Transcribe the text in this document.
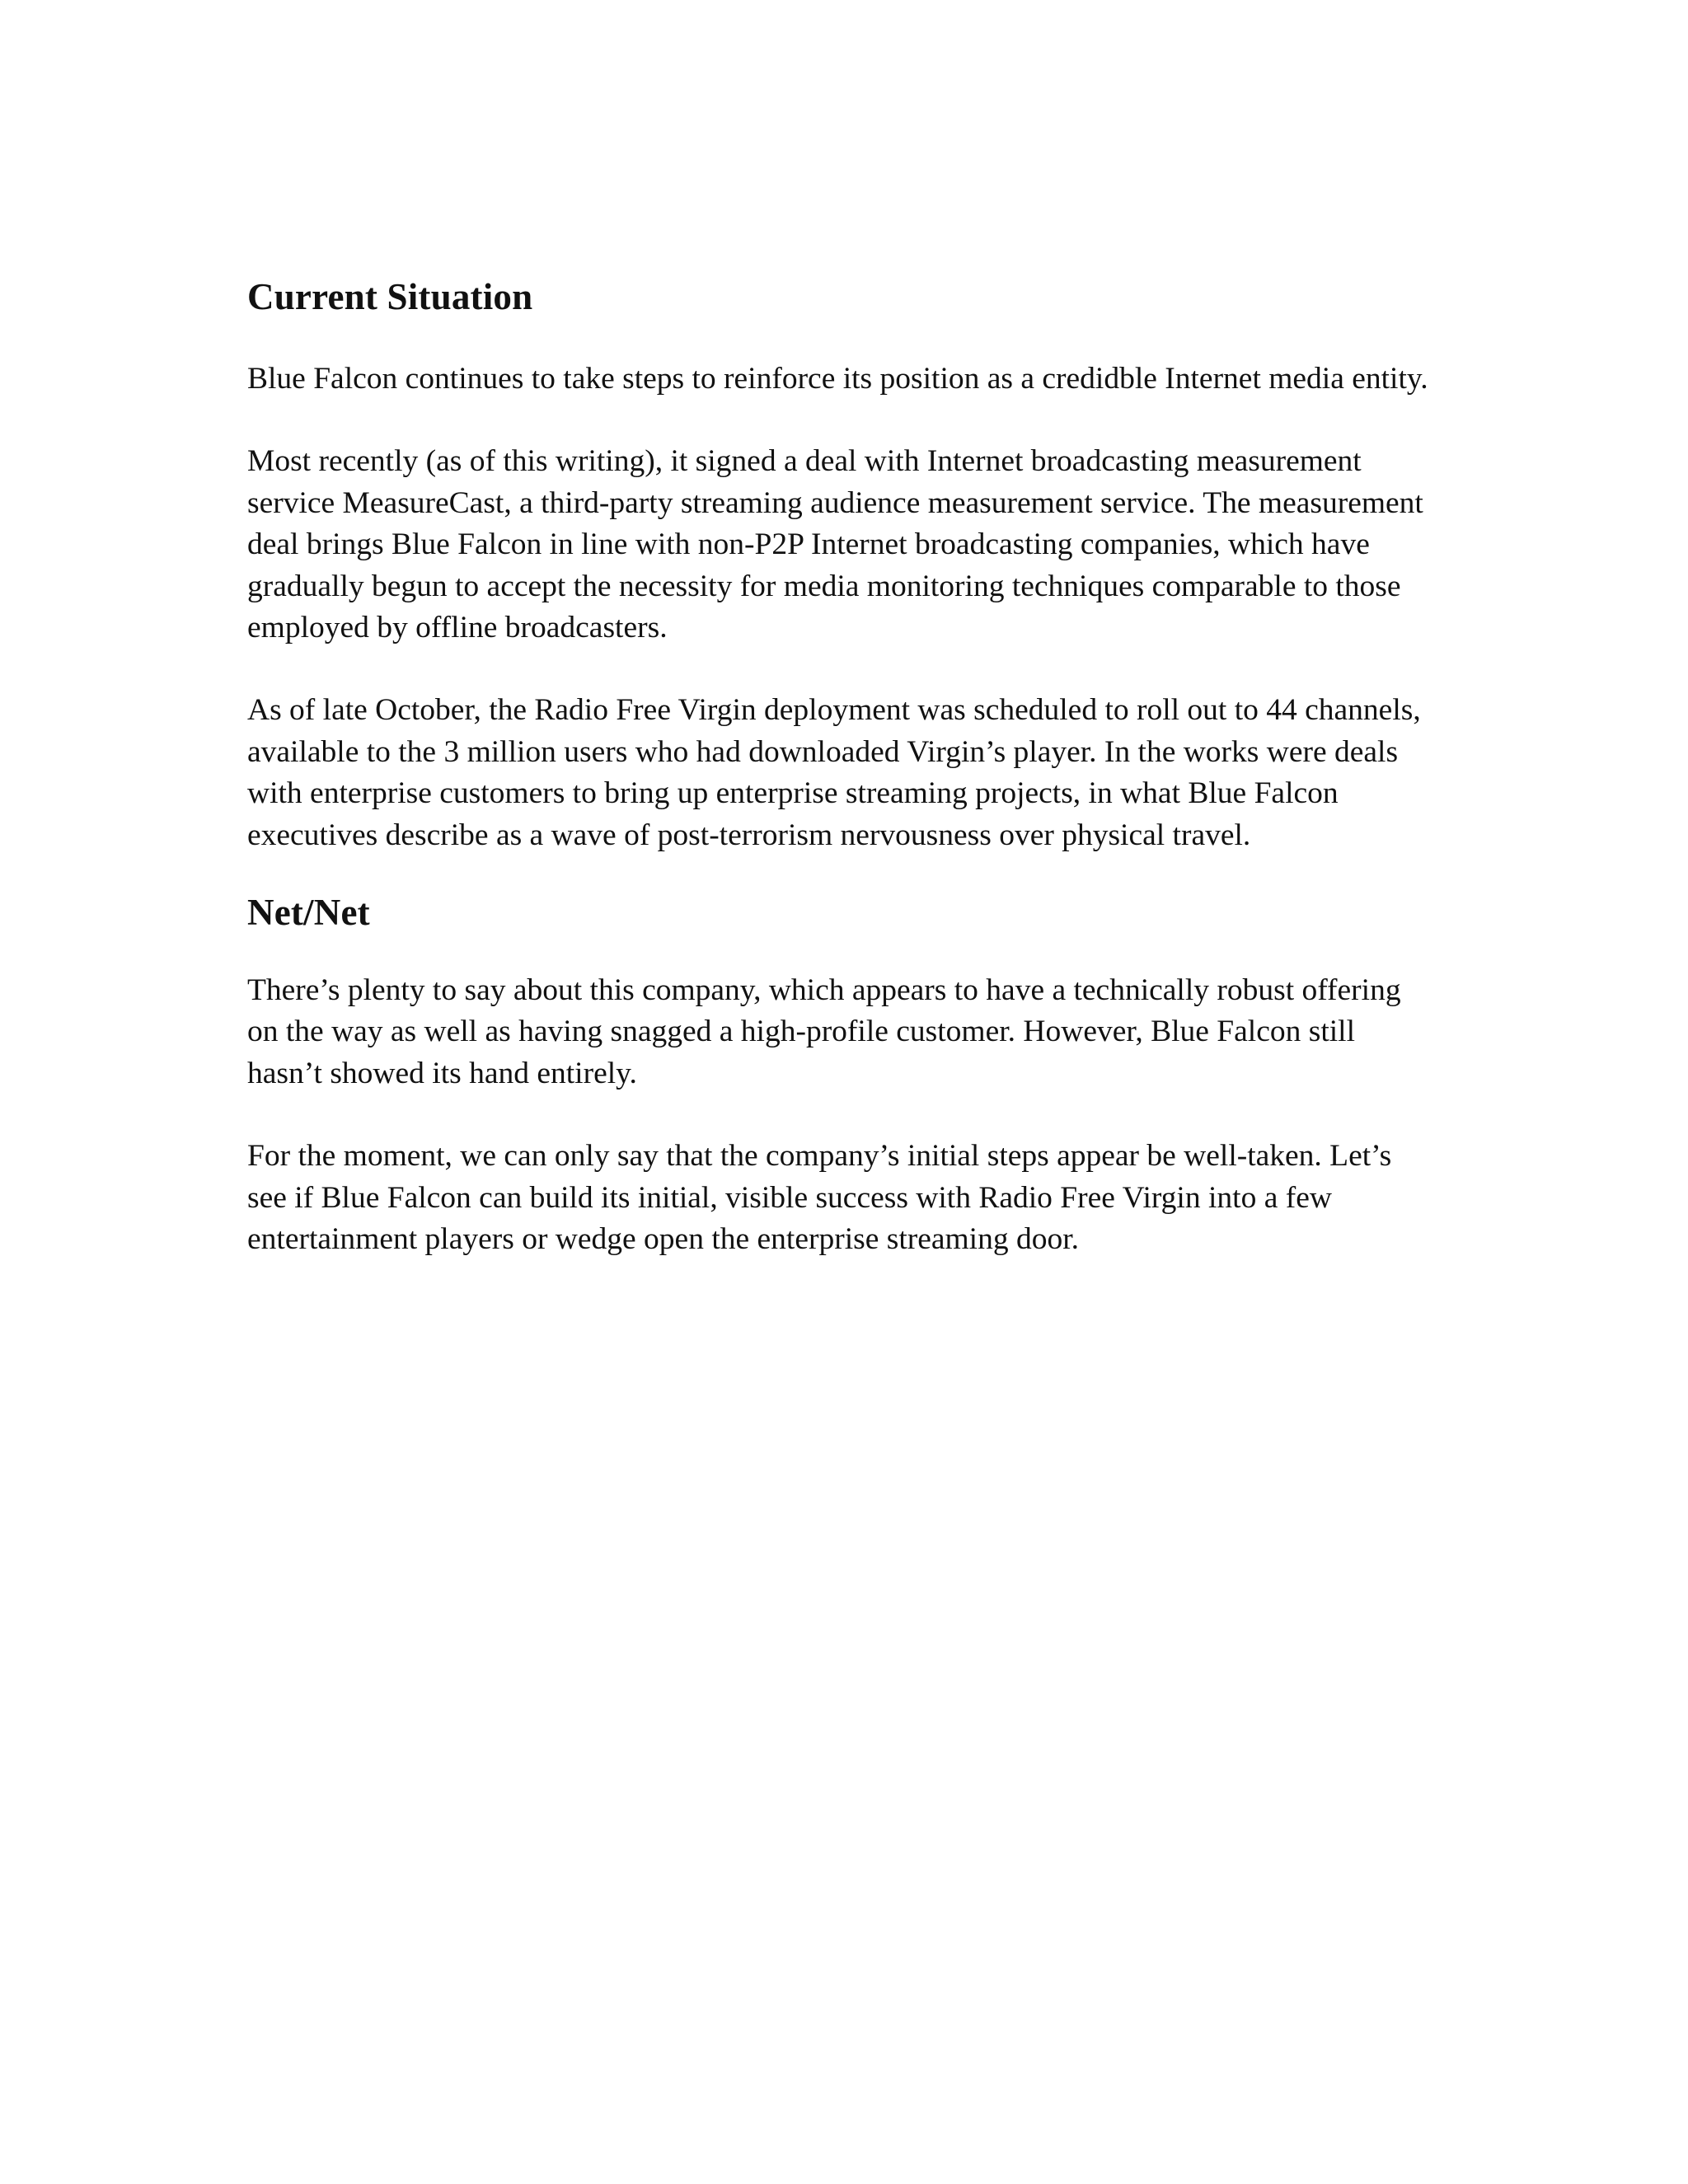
Current Situation

Blue Falcon continues to take steps to reinforce its position as a credidble Internet media entity.

Most recently (as of this writing), it signed a deal with Internet broadcasting measurement
service MeasureCast, a third-party streaming audience measurement service. The measurement
deal brings Blue Falcon in line with non-P2P Internet broadcasting companies, which have
gradually begun to accept the necessity for media monitoring techniques comparable to those
employed by offline broadcasters.

As of late October, the Radio Free Virgin deployment was scheduled to roll out to 44 channels,
available to the 3 million users who had downloaded Virgin’s player. In the works were deals
with enterprise customers to bring up enterprise streaming projects, in what Blue Falcon
executives describe as a wave of post-terrorism nervousness over physical travel.

Net/Net

There’s plenty to say about this company, which appears to have a technically robust offering
on the way as well as having snagged a high-profile customer. However, Blue Falcon still
hasn’t showed its hand entirely.

For the moment, we can only say that the company’s initial steps appear be well-taken. Let’s
see if Blue Falcon can build its initial, visible success with Radio Free Virgin into a few
entertainment players or wedge open the enterprise streaming door.
